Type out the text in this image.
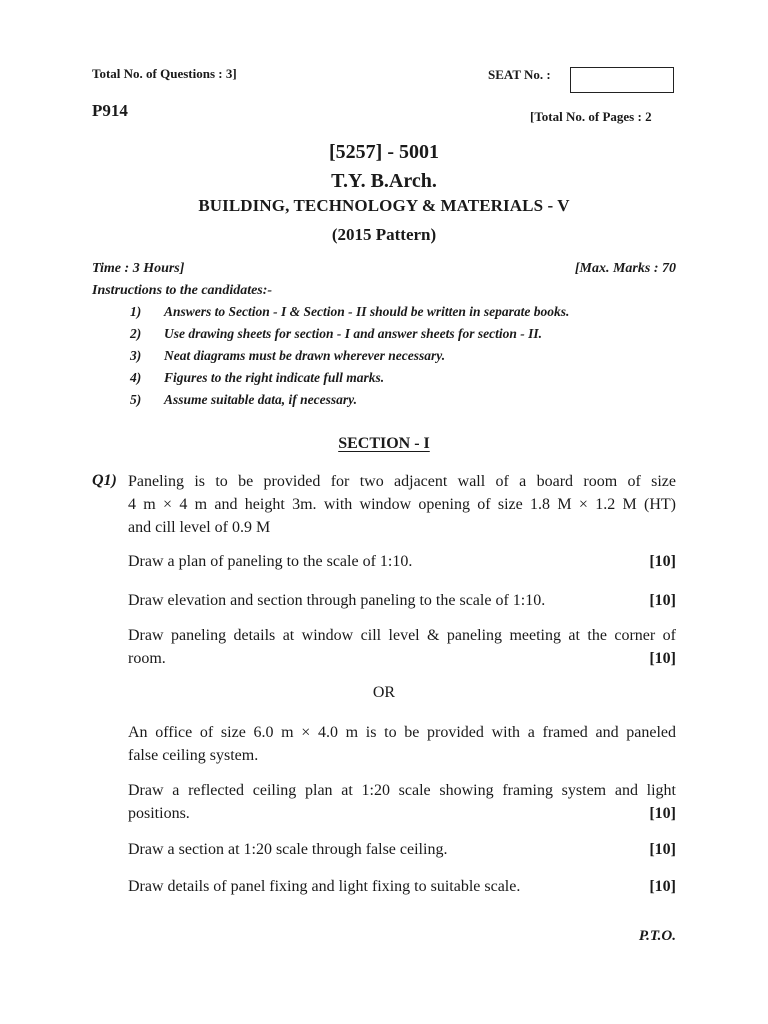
Total No. of Questions : 3]	SEAT No. :
P914	[Total No. of Pages : 2
[5257] - 5001
T.Y. B.Arch.
BUILDING, TECHNOLOGY & MATERIALS - V
(2015 Pattern)
Time : 3 Hours]	[Max. Marks : 70
Instructions to the candidates:-
1)	Answers to Section - I & Section - II should be written in separate books.
2)	Use drawing sheets for section - I and answer sheets for section - II.
3)	Neat diagrams must be drawn wherever necessary.
4)	Figures to the right indicate full marks.
5)	Assume suitable data, if necessary.
SECTION - I
Q1) Paneling is to be provided for two adjacent wall of a board room of size
4 m × 4 m and height 3m. with window opening of size 1.8 M × 1.2 M (HT)
and cill level of 0.9 M
Draw a plan of paneling to the scale of 1:10.	[10]
Draw elevation and section through paneling to the scale of 1:10.	[10]
Draw paneling details at window cill level & paneling meeting at the corner of
room.	[10]
OR
An office of size 6.0 m × 4.0 m is to be provided with a framed and paneled
false ceiling system.
Draw a reflected ceiling plan at 1:20 scale showing framing system and light
positions.	[10]
Draw a section at 1:20 scale through false ceiling.	[10]
Draw details of panel fixing and light fixing to suitable scale.	[10]
P.T.O.
